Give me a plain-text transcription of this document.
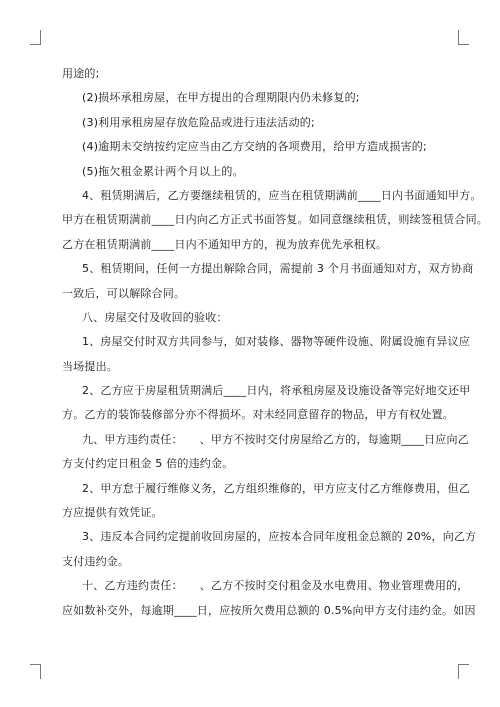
用途的;
(2)损坏承租房屋，在甲方提出的合理期限内仍未修复的;
(3)利用承租房屋存放危险品或进行违法活动的;
(4)逾期未交纳按约定应当由乙方交纳的各项费用，给甲方造成损害的;
(5)拖欠租金累计两个月以上的。
4、租赁期满后，乙方要继续租赁的，应当在租赁期满前____日内书面通知甲方。
甲方在租赁期满前____日内向乙方正式书面答复。如同意继续租赁，则续签租赁合同。
乙方在租赁期满前____日内不通知甲方的，视为放弃优先承租权。
5、租赁期间，任何一方提出解除合同，需提前 3 个月书面通知对方，双方协商
一致后，可以解除合同。
八、房屋交付及收回的验收：
1、房屋交付时双方共同参与，如对装修、器物等硬件设施、附属设施有异议应
当场提出。
2、乙方应于房屋租赁期满后____日内，将承租房屋及设施设备等完好地交还甲
方。乙方的装饰装修部分亦不得损坏。对未经同意留存的物品，甲方有权处置。
九、甲方违约责任：　　、甲方不按时交付房屋给乙方的，每逾期____日应向乙
方支付约定日租金 5 倍的违约金。
2、甲方怠于履行维修义务，乙方组织维修的，甲方应支付乙方维修费用，但乙
方应提供有效凭证。
3、违反本合同约定提前收回房屋的，应按本合同年度租金总额的 20%，向乙方
支付违约金。
十、乙方违约责任：　　、乙方不按时交付租金及水电费用、物业管理费用的，
应如数补交外，每逾期____日，应按所欠费用总额的 0.5%向甲方支付违约金。如因
